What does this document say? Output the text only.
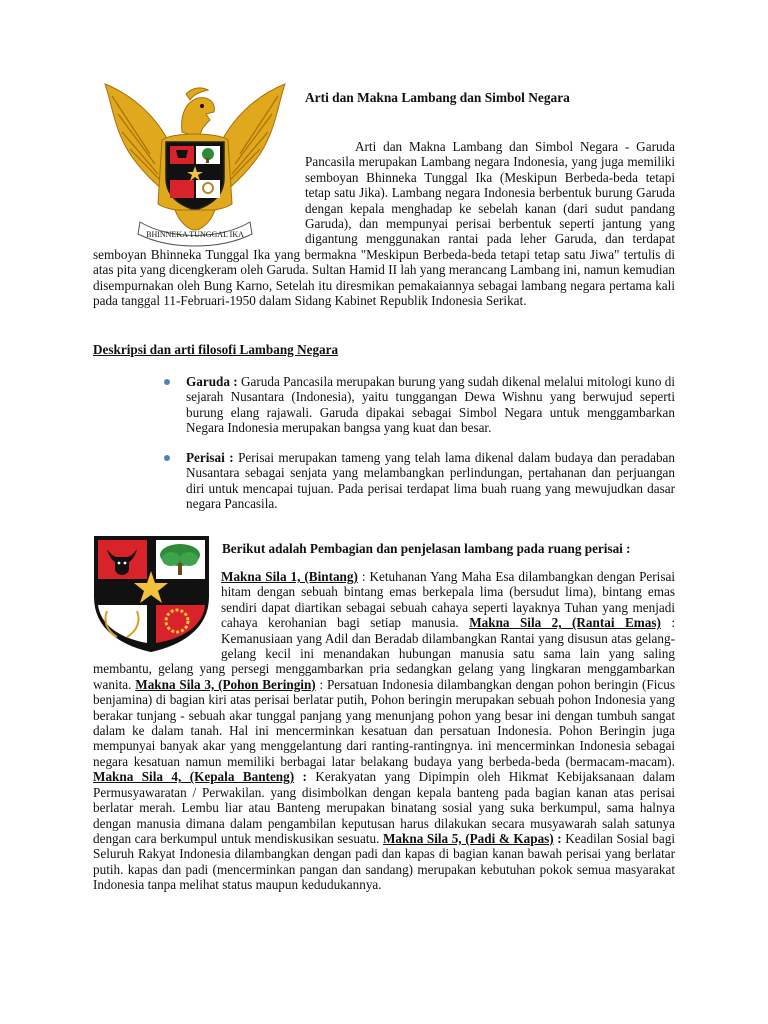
BHINNEKA TUNGGAL IKA
Arti dan Makna Lambang dan Simbol Negara
Arti dan Makna Lambang dan Simbol Negara - Garuda Pancasila merupakan Lambang negara Indonesia, yang juga memiliki semboyan Bhinneka Tunggal Ika (Meskipun Berbeda-beda tetapi tetap satu Jika). Lambang negara Indonesia berbentuk burung Garuda dengan kepala menghadap ke sebelah kanan (dari sudut pandang Garuda), dan mempunyai perisai berbentuk seperti jantung yang digantung menggunakan rantai pada leher Garuda, dan terdapat semboyan Bhinneka Tunggal Ika yang bermakna "Meskipun Berbeda-beda tetapi tetap satu Jiwa" tertulis di atas pita yang dicengkeram oleh Garuda. Sultan Hamid II lah yang merancang Lambang ini, namun kemudian disempurnakan oleh Bung Karno, Setelah itu diresmikan pemakaiannya sebagai lambang negara pertama kali pada tanggal 11-Februari-1950 dalam Sidang Kabinet Republik Indonesia Serikat.
Deskripsi dan arti filosofi Lambang Negara
Garuda : Garuda Pancasila merupakan burung yang sudah dikenal melalui mitologi kuno di sejarah Nusantara (Indonesia), yaitu tunggangan Dewa Wishnu yang berwujud seperti burung elang rajawali. Garuda dipakai sebagai Simbol Negara untuk menggambarkan Negara Indonesia merupakan bangsa yang kuat dan besar.
Perisai : Perisai merupakan tameng yang telah lama dikenal dalam budaya dan peradaban Nusantara sebagai senjata yang melambangkan perlindungan, pertahanan dan perjuangan diri untuk mencapai tujuan. Pada perisai terdapat lima buah ruang yang mewujudkan dasar negara Pancasila.
Berikut adalah Pembagian dan penjelasan lambang pada ruang perisai :
Makna Sila 1, (Bintang) : Ketuhanan Yang Maha Esa dilambangkan dengan Perisai hitam dengan sebuah bintang emas berkepala lima (bersudut lima), bintang emas sendiri dapat diartikan sebagai sebuah cahaya seperti layaknya Tuhan yang menjadi cahaya kerohanian bagi setiap manusia. Makna Sila 2, (Rantai Emas) : Kemanusiaan yang Adil dan Beradab dilambangkan Rantai yang disusun atas gelang-gelang kecil ini menandakan hubungan manusia satu sama lain yang saling membantu, gelang yang persegi menggambarkan pria sedangkan gelang yang lingkaran menggambarkan wanita. Makna Sila 3, (Pohon Beringin) : Persatuan Indonesia dilambangkan dengan pohon beringin (Ficus benjamina) di bagian kiri atas perisai berlatar putih, Pohon beringin merupakan sebuah pohon Indonesia yang berakar tunjang - sebuah akar tunggal panjang yang menunjang pohon yang besar ini dengan tumbuh sangat dalam ke dalam tanah. Hal ini mencerminkan kesatuan dan persatuan Indonesia. Pohon Beringin juga mempunyai banyak akar yang menggelantung dari ranting-rantingnya. ini mencerminkan Indonesia sebagai negara kesatuan namun memiliki berbagai latar belakang budaya yang berbeda-beda (bermacam-macam). Makna Sila 4, (Kepala Banteng) : Kerakyatan yang Dipimpin oleh Hikmat Kebijaksanaan dalam Permusyawaratan / Perwakilan. yang disimbolkan dengan kepala banteng pada bagian kanan atas perisai berlatar merah. Lembu liar atau Banteng merupakan binatang sosial yang suka berkumpul, sama halnya dengan manusia dimana dalam pengambilan keputusan harus dilakukan secara musyawarah salah satunya dengan cara berkumpul untuk mendiskusikan sesuatu. Makna Sila 5, (Padi & Kapas) : Keadilan Sosial bagi Seluruh Rakyat Indonesia dilambangkan dengan padi dan kapas di bagian kanan bawah perisai yang berlatar putih. kapas dan padi (mencerminkan pangan dan sandang) merupakan kebutuhan pokok semua masyarakat Indonesia tanpa melihat status maupun kedudukannya.
